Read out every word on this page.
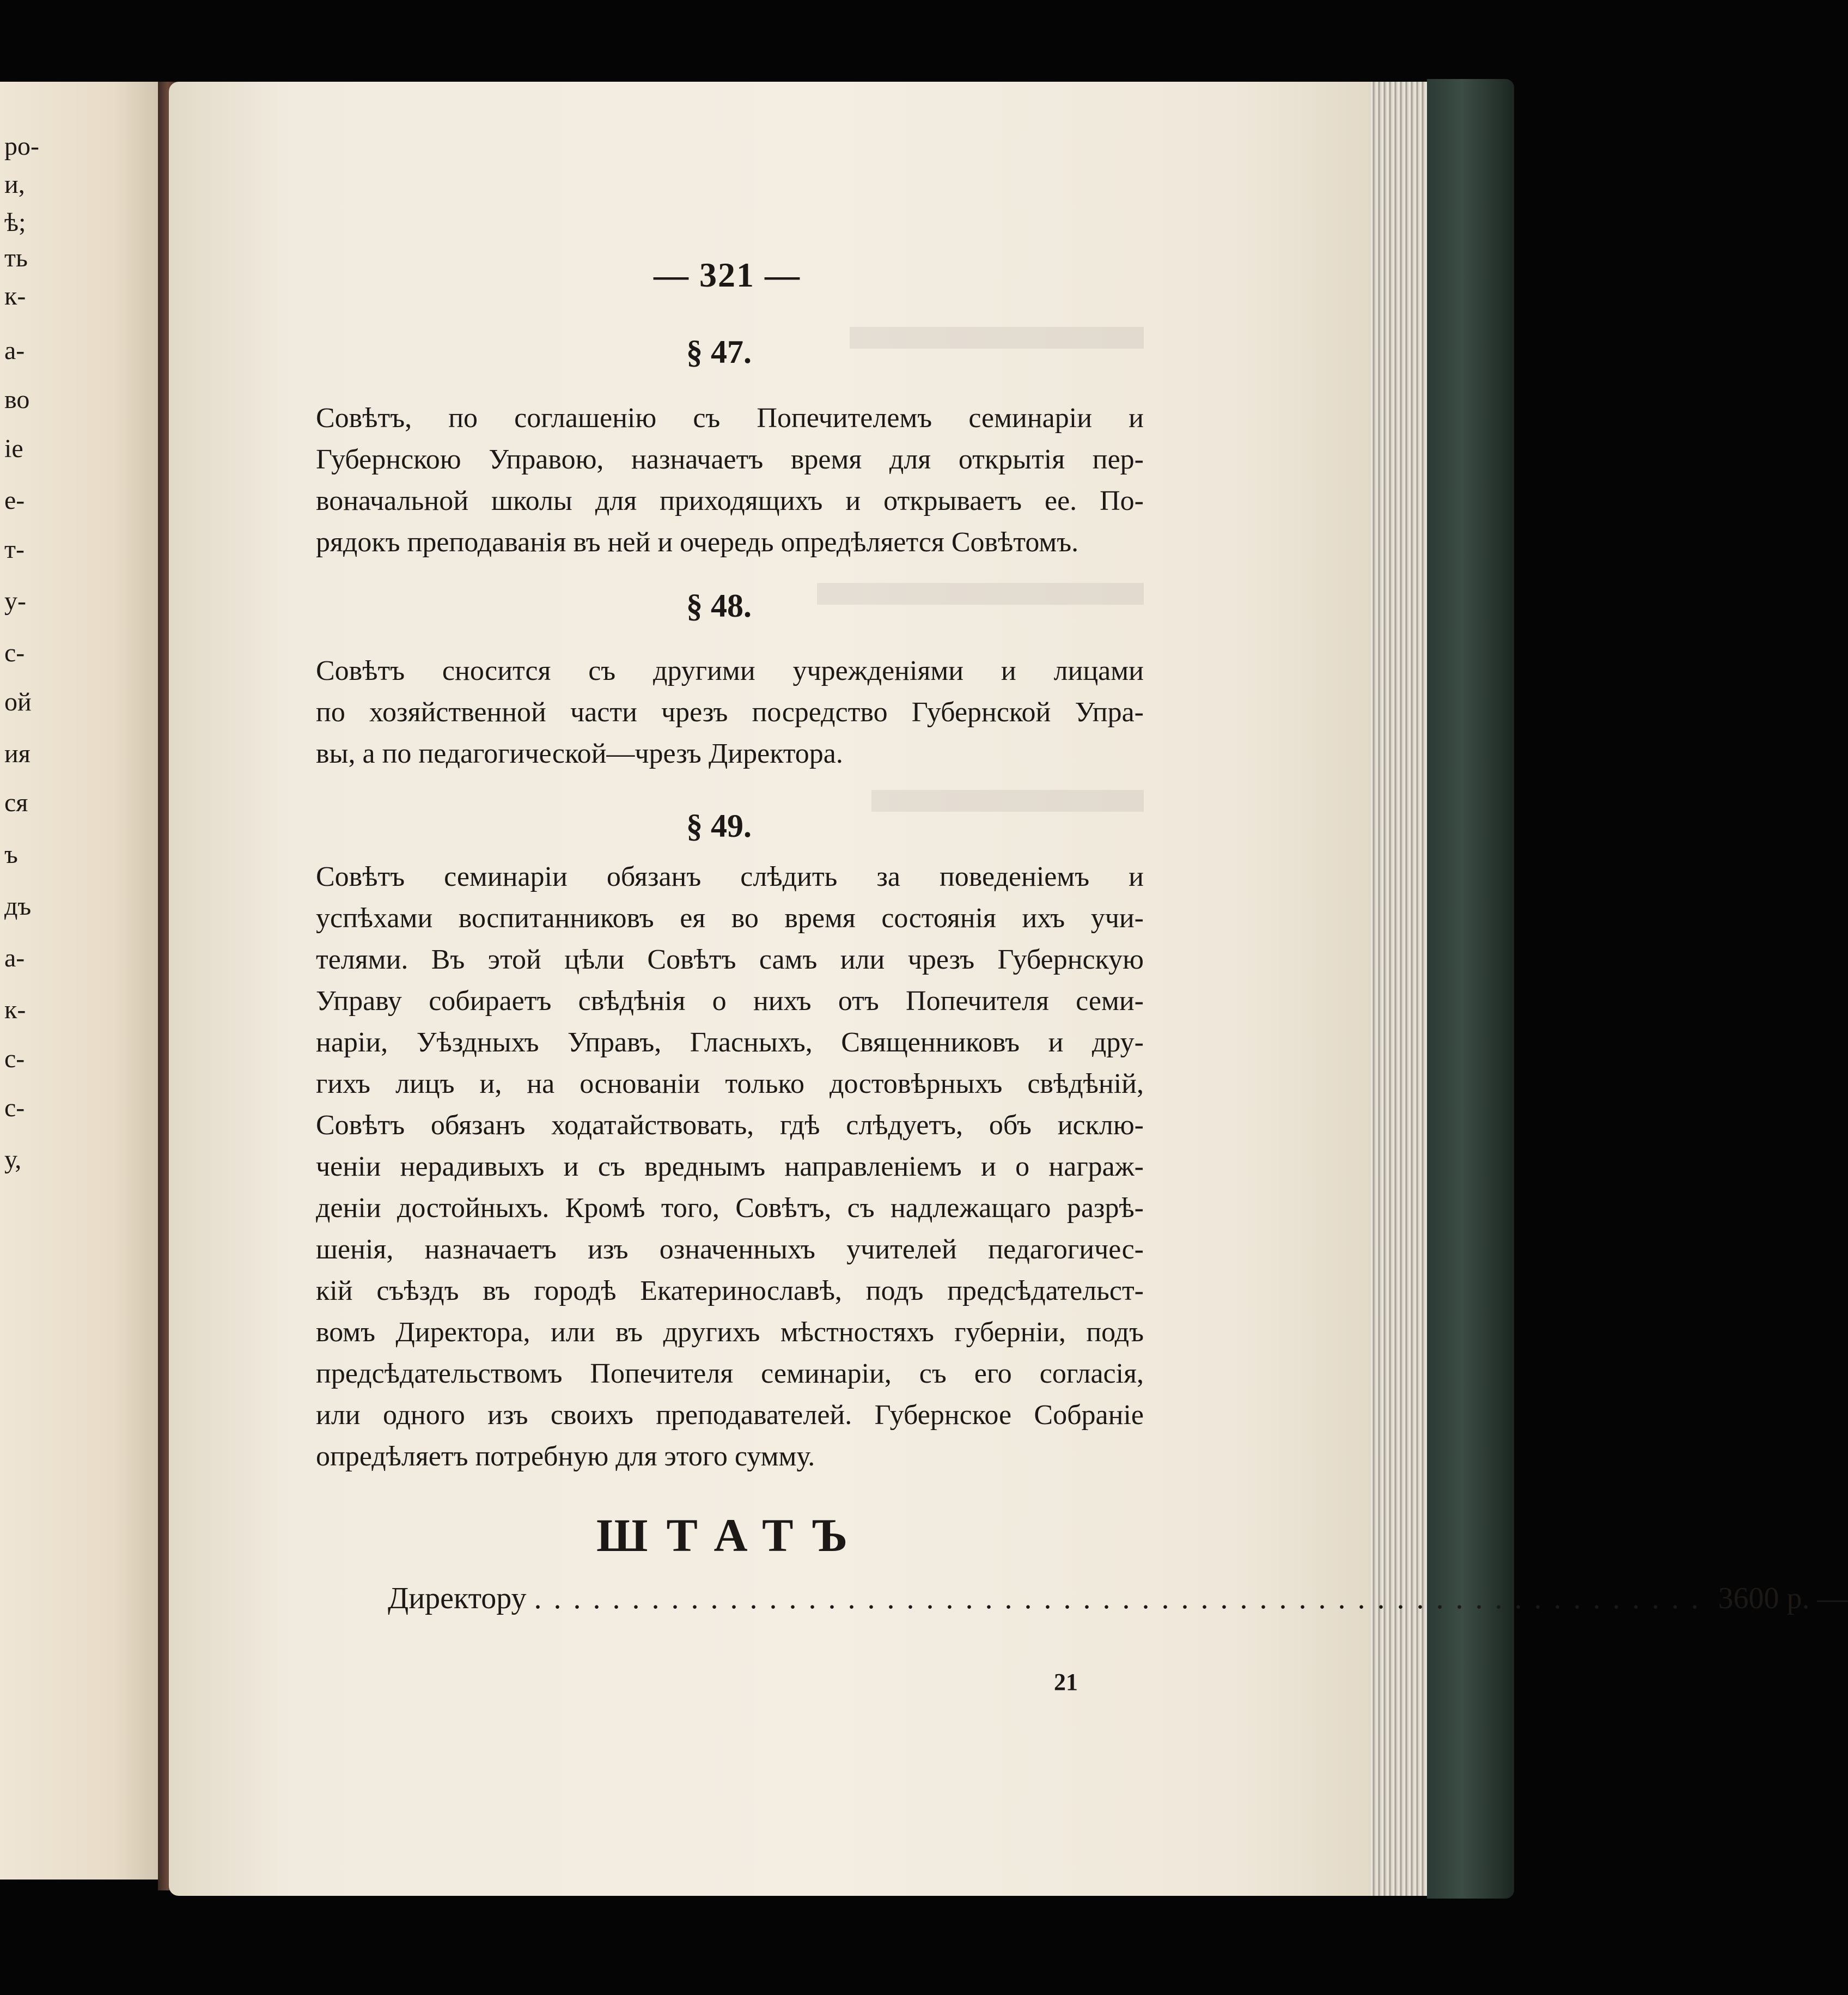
ро-
и,
ѣ;
ть
к-
а-
во
іе
е-
т-
у-
с-
ой
ия
ся
ъ
дъ
а-
к-
с-
с-
у,
— 321 —
§ 47.
Совѣтъ, по соглашенію съ Попечителемъ семинаріи и
Губернскою Управою, назначаетъ время для открытія пер-
воначальной школы для приходящихъ и открываетъ ее. По-
рядокъ преподаванія въ ней и очередь опредѣляется Совѣтомъ.
§ 48.
Совѣтъ сносится съ другими учрежденіями и лицами
по хозяйственной части чрезъ посредство Губернской Упра-
вы, а по педагогической—чрезъ Директора.
§ 49.
Совѣтъ семинаріи обязанъ слѣдить за поведеніемъ и
успѣхами воспитанниковъ ея во время состоянія ихъ учи-
телями. Въ этой цѣли Совѣтъ самъ или чрезъ Губернскую
Управу собираетъ свѣдѣнія о нихъ отъ Попечителя семи-
наріи, Уѣздныхъ Управъ, Гласныхъ, Священниковъ и дру-
гихъ лицъ и, на основаніи только достовѣрныхъ свѣдѣній,
Совѣтъ обязанъ ходатайствовать, гдѣ слѣдуетъ, объ исклю-
ченіи нерадивыхъ и съ вреднымъ направленіемъ и о награж-
деніи достойныхъ. Кромѣ того, Совѣтъ, съ надлежащаго разрѣ-
шенія, назначаетъ изъ означенныхъ учителей педагогичес-
кій съѣздъ въ городѣ Екатеринославѣ, подъ предсѣдательст-
вомъ Директора, или въ другихъ мѣстностяхъ губерніи, подъ
предсѣдательствомъ Попечителя семинаріи, съ его согласія,
или одного изъ своихъ преподавателей. Губернское Собраніе
опредѣляетъ потребную для этого сумму.
ШТАТЪ
Директору ............................................................ 3600 р. —
21
